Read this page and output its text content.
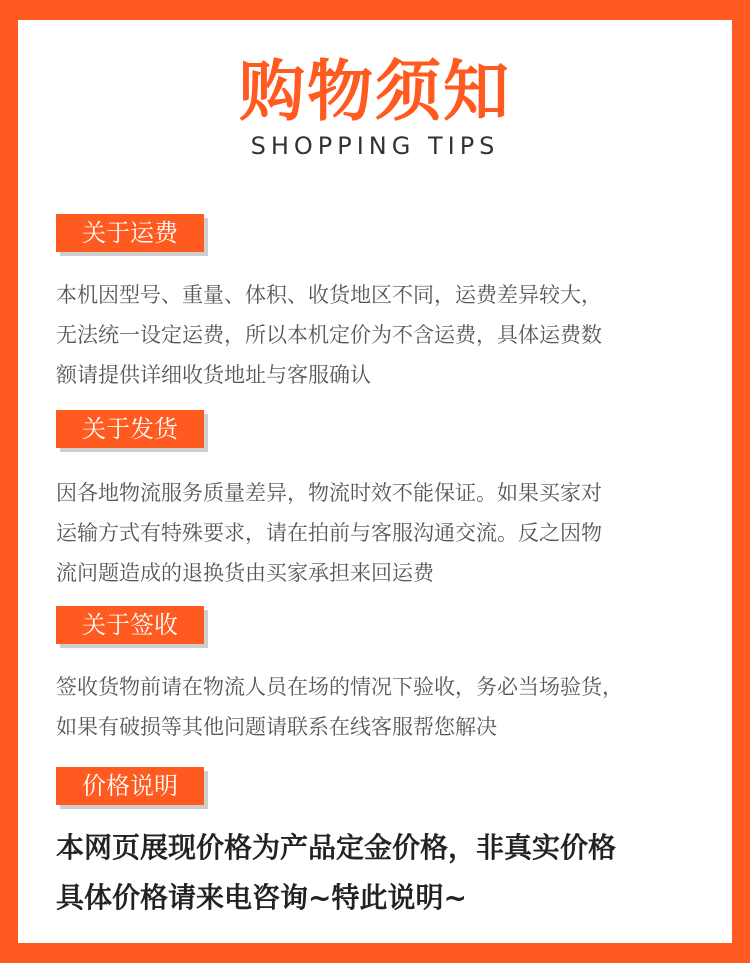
购物须知
SHOPPING TIPS
关于运费
本机因型号、重量、体积、收货地区不同，运费差异较大，
无法统一设定运费，所以本机定价为不含运费，具体运费数
额请提供详细收货地址与客服确认
关于发货
因各地物流服务质量差异，物流时效不能保证。如果买家对
运输方式有特殊要求，请在拍前与客服沟通交流。反之因物
流问题造成的退换货由买家承担来回运费
关于签收
签收货物前请在物流人员在场的情况下验收，务必当场验货，
如果有破损等其他问题请联系在线客服帮您解决
价格说明
本网页展现价格为产品定金价格，非真实价格
具体价格请来电咨询~特此说明~
